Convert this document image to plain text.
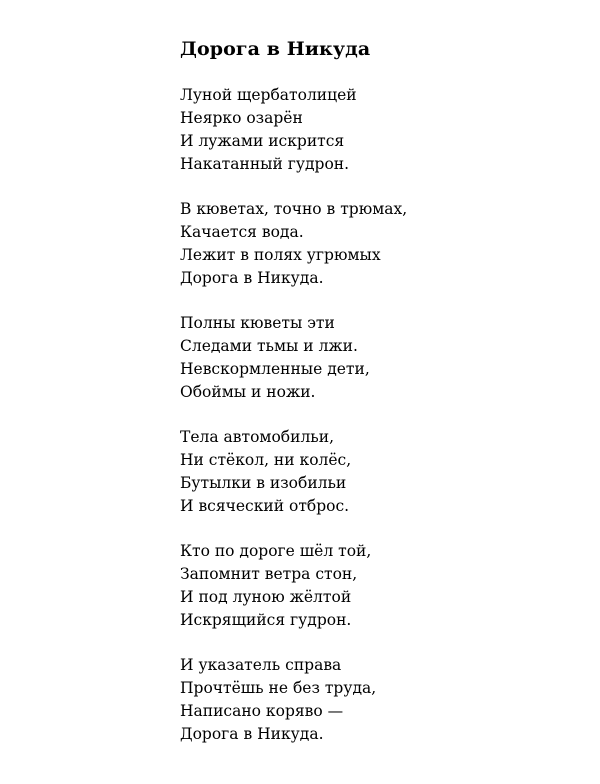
Дорога в Никуда
Луной щербатолицей
Неярко озарён
И лужами искрится
Накатанный гудрон.
В кюветах, точно в трюмах,
Качается вода.
Лежит в полях угрюмых
Дорога в Никуда.
Полны кюветы эти
Следами тьмы и лжи.
Невскормленные дети,
Обоймы и ножи.
Тела автомобильи,
Ни стёкол, ни колёс,
Бутылки в изобильи
И всяческий отброс.
Кто по дороге шёл той,
Запомнит ветра стон,
И под луною жёлтой
Искрящийся гудрон.
И указатель справа
Прочтёшь не без труда,
Написано коряво —
Дорога в Никуда.
